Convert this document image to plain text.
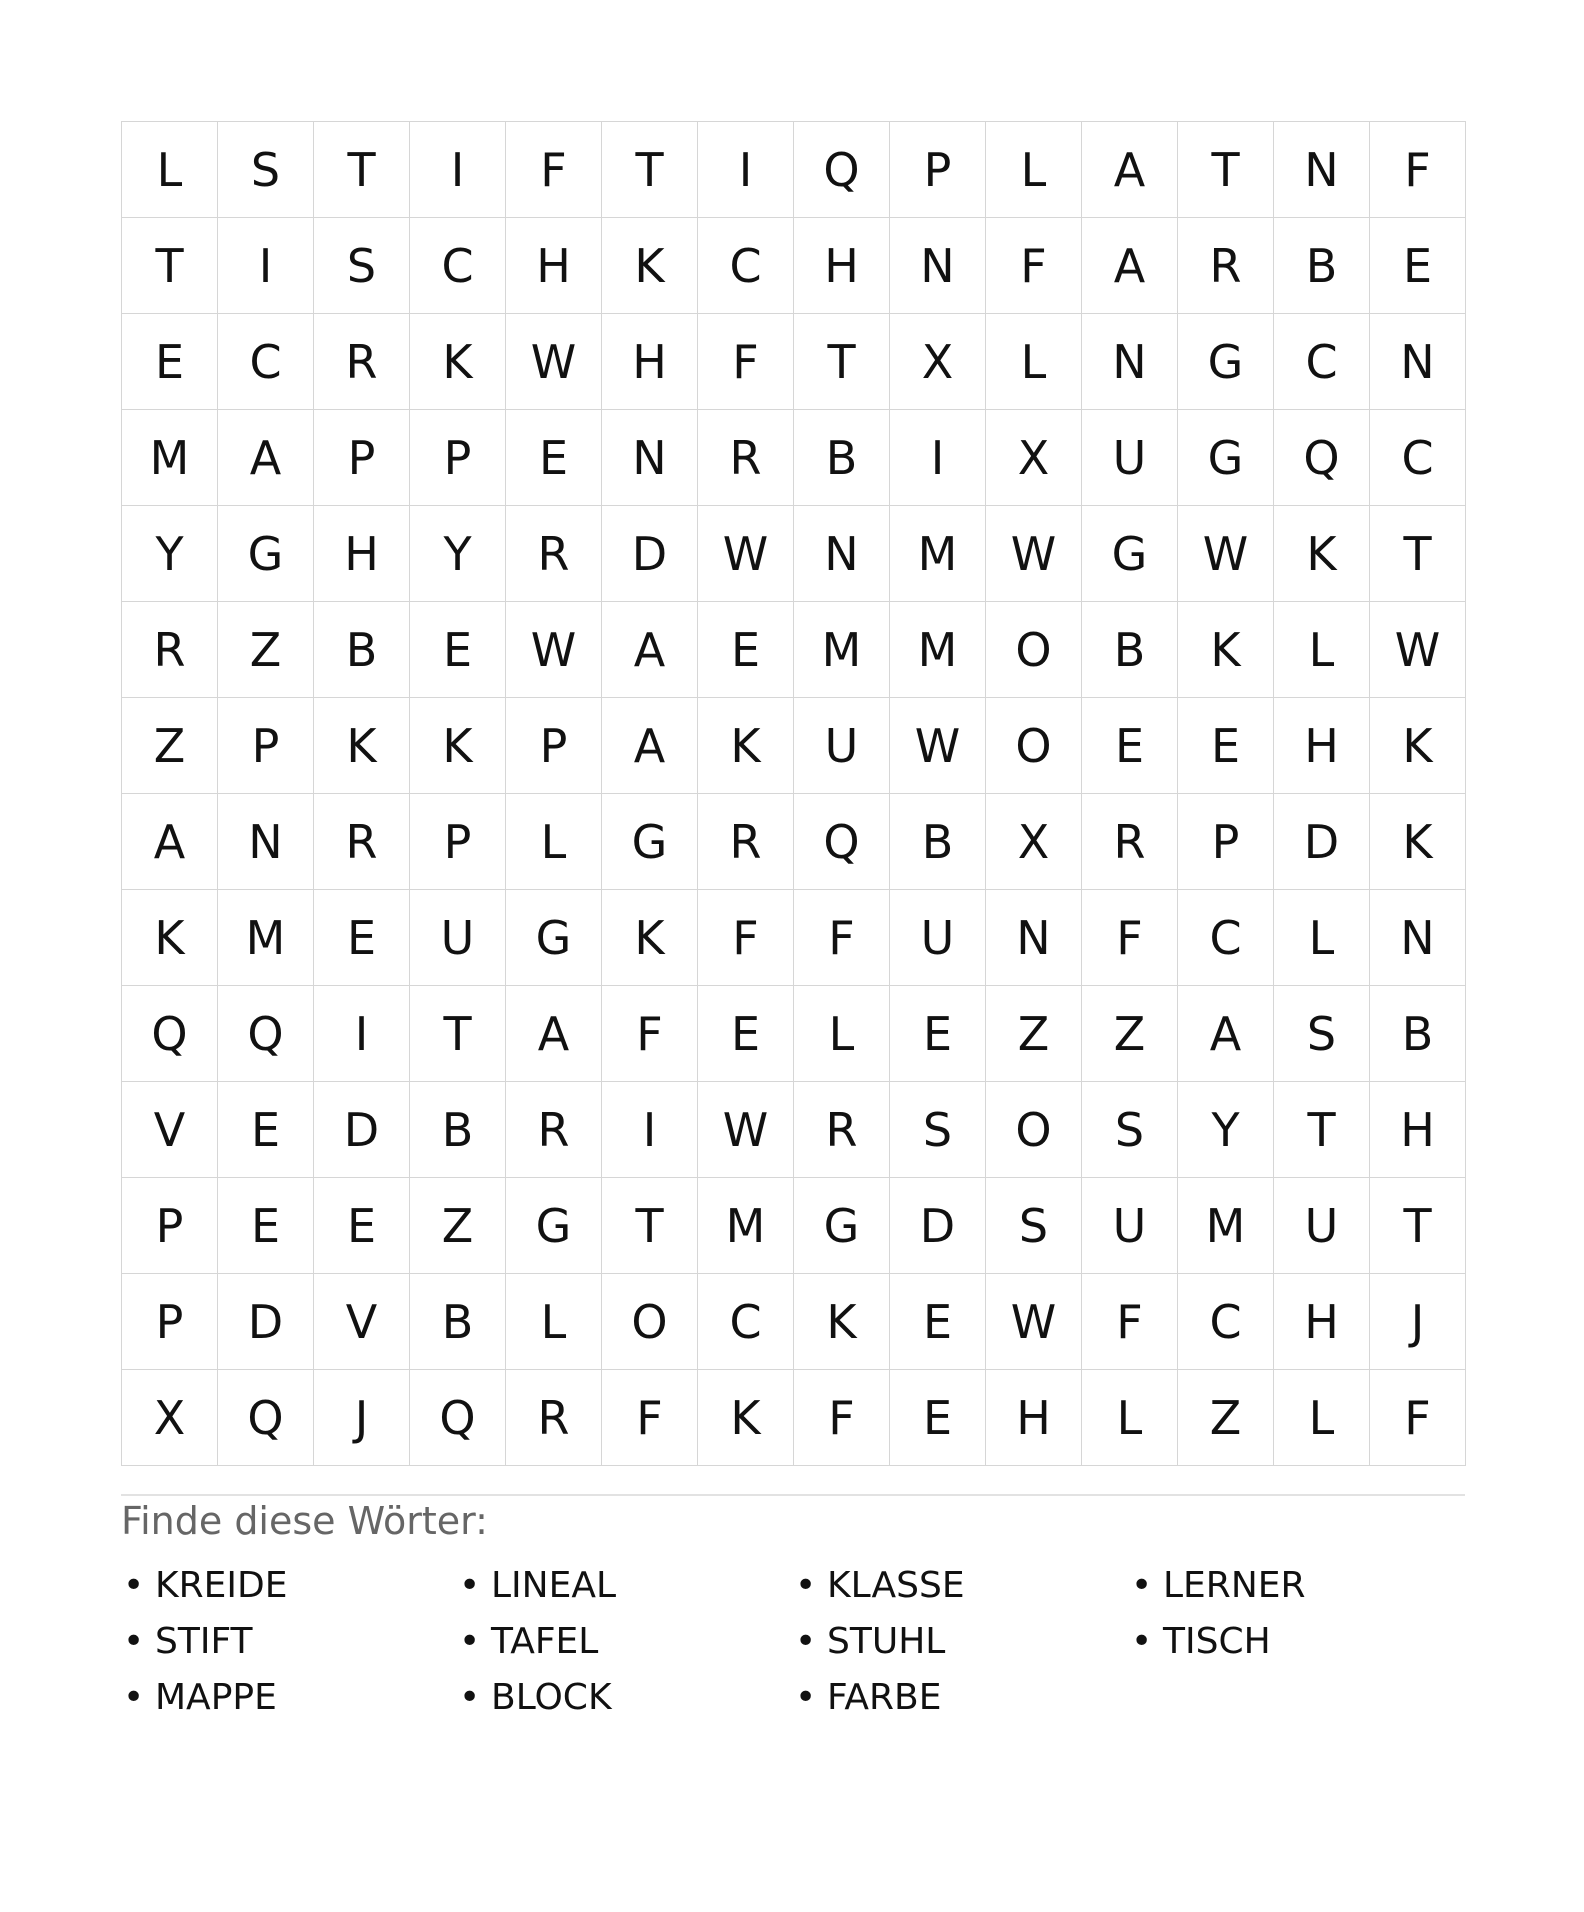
L	S	T	I	F	T	I	Q	P	L	A	T	N	F
T	I	S	C	H	K	C	H	N	F	A	R	B	E
E	C	R	K	W	H	F	T	X	L	N	G	C	N
M	A	P	P	E	N	R	B	I	X	U	G	Q	C
Y	G	H	Y	R	D	W	N	M	W	G	W	K	T
R	Z	B	E	W	A	E	M	M	O	B	K	L	W
Z	P	K	K	P	A	K	U	W	O	E	E	H	K
A	N	R	P	L	G	R	Q	B	X	R	P	D	K
K	M	E	U	G	K	F	F	U	N	F	C	L	N
Q	Q	I	T	A	F	E	L	E	Z	Z	A	S	B
V	E	D	B	R	I	W	R	S	O	S	Y	T	H
P	E	E	Z	G	T	M	G	D	S	U	M	U	T
P	D	V	B	L	O	C	K	E	W	F	C	H	J
X	Q	J	Q	R	F	K	F	E	H	L	Z	L	F
Finde diese Wörter:
• KREIDE
• STIFT
• MAPPE
• LINEAL
• TAFEL
• BLOCK
• KLASSE
• STUHL
• FARBE
• LERNER
• TISCH
